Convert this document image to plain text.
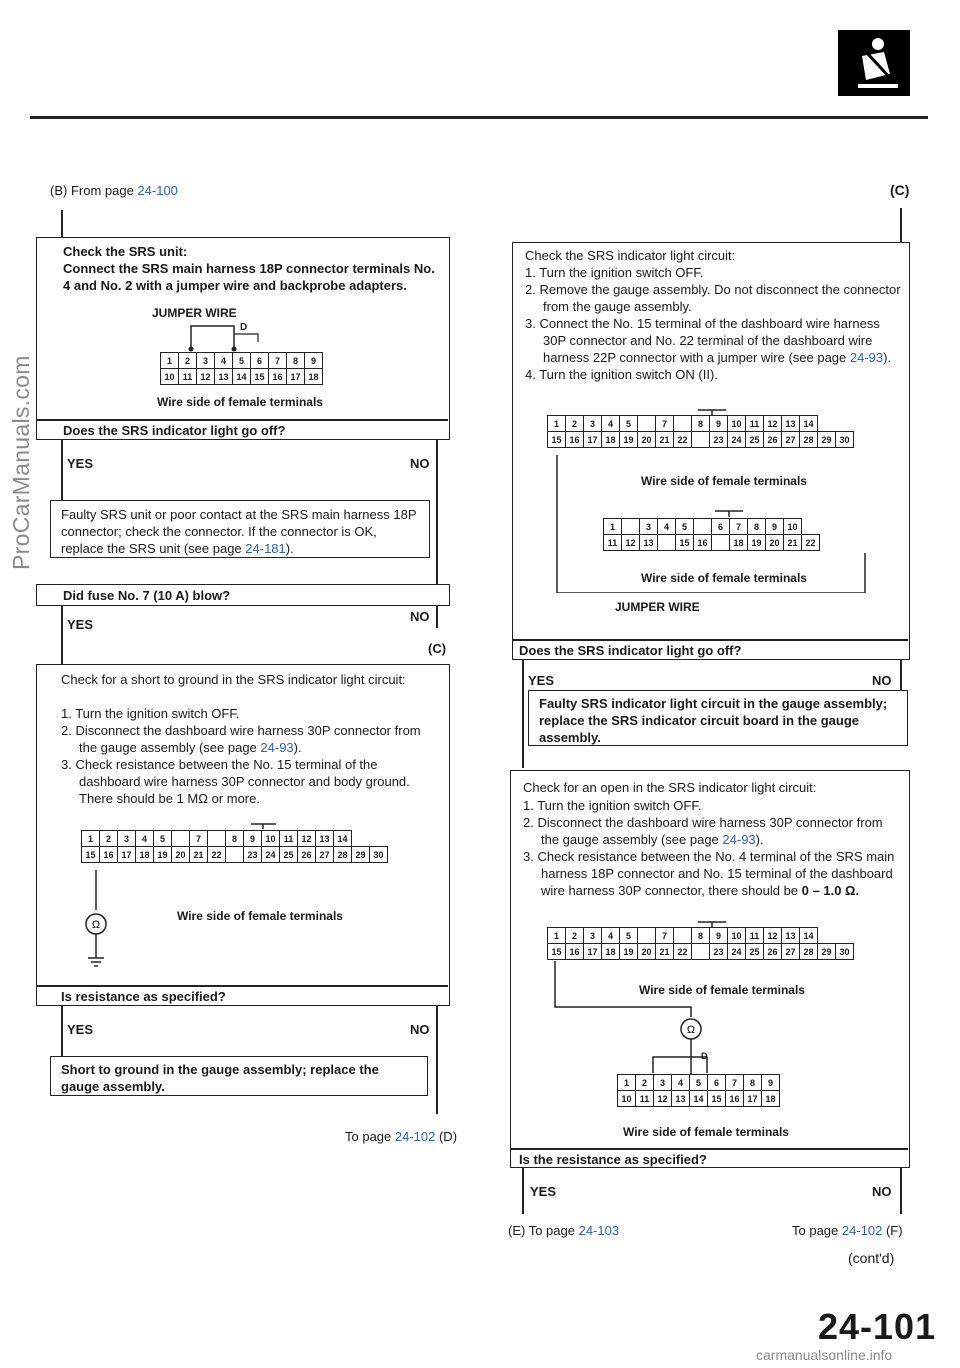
ProCarManuals.com
(B) From page 24-100
Check the SRS unit:
Connect the SRS main harness 18P connector terminals No. 4 and No. 2 with a jumper wire and backprobe adapters.
JUMPER WIRE
D
1	2	3	4	5	6	7	8	9
10	11	12	13	14	15	16	17	18
Wire side of female terminals
Does the SRS indicator light go off?
YES	NO
Faulty SRS unit or poor contact at the SRS main harness 18P connector; check the connector. If the connector is OK, replace the SRS unit (see page 24-181).
Did fuse No. 7 (10 A) blow?
NO
YES
(C)
Check for a short to ground in the SRS indicator light circuit:
1. Turn the ignition switch OFF.
2. Disconnect the dashboard wire harness 30P connector from the gauge assembly (see page 24-93).
3. Check resistance between the No. 15 terminal of the dashboard wire harness 30P connector and body ground. There should be 1 MΩ or more.
1	2	3	4	5		7		8	9	10	11	12	13	14		
15	16	17	18	19	20	21	22		23	24	25	26	27	28	29	30
Wire side of female terminals
Ω
Is resistance as specified?
YES	NO
Short to ground in the gauge assembly; replace the gauge assembly.
To page 24-102 (D)
(C)
Check the SRS indicator light circuit:
1. Turn the ignition switch OFF.
2. Remove the gauge assembly. Do not disconnect the connector from the gauge assembly.
3. Connect the No. 15 terminal of the dashboard wire harness 30P connector and No. 22 terminal of the dashboard wire harness 22P connector with a jumper wire (see page 24-93).
4. Turn the ignition switch ON (II).
1	2	3	4	5		7		8	9	10	11	12	13	14		
15	16	17	18	19	20	21	22		23	24	25	26	27	28	29	30
Wire side of female terminals
1		3	4	5		6	7	8	9	10	
11	12	13		15	16		18	19	20	21	22
Wire side of female terminals
JUMPER WIRE
Does the SRS indicator light go off?
YES	NO
Faulty SRS indicator light circuit in the gauge assembly; replace the SRS indicator circuit board in the gauge assembly.
Check for an open in the SRS indicator light circuit:
1. Turn the ignition switch OFF.
2. Disconnect the dashboard wire harness 30P connector from the gauge assembly (see page 24-93).
3. Check resistance between the No. 4 terminal of the SRS main harness 18P connector and No. 15 terminal of the dashboard wire harness 30P connector, there should be 0 – 1.0 Ω.
1	2	3	4	5		7		8	9	10	11	12	13	14		
15	16	17	18	19	20	21	22		23	24	25	26	27	28	29	30
Wire side of female terminals
Ω
1	2	3	4	5	6	7	8	9
10	11	12	13	14	15	16	17	18
D
Wire side of female terminals
Is the resistance as specified?
YES	NO
(E) To page 24-103	To page 24-102 (F)
(cont'd)
24-101
carmanualsonline.info
